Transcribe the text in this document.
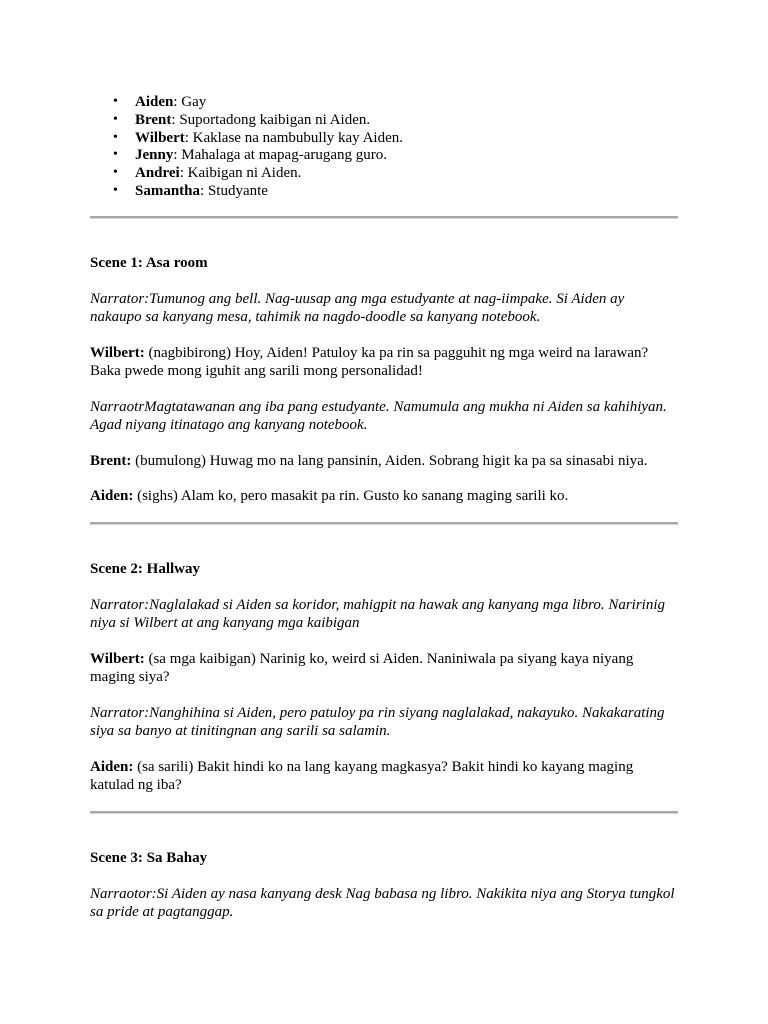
• Aiden: Gay
• Brent: Suportadong kaibigan ni Aiden.
• Wilbert: Kaklase na nambubully kay Aiden.
• Jenny: Mahalaga at mapag-arugang guro.
• Andrei: Kaibigan ni Aiden.
• Samantha: Studyante

Scene 1: Asa room

Narrator:Tumunog ang bell. Nag-uusap ang mga estudyante at nag-iimpake. Si Aiden ay nakaupo sa kanyang mesa, tahimik na nagdo-doodle sa kanyang notebook.

Wilbert: (nagbibirong) Hoy, Aiden! Patuloy ka pa rin sa pagguhit ng mga weird na larawan? Baka pwede mong iguhit ang sarili mong personalidad!

NarraotrMagtatawanan ang iba pang estudyante. Namumula ang mukha ni Aiden sa kahihiyan. Agad niyang itinatago ang kanyang notebook.

Brent: (bumulong) Huwag mo na lang pansinin, Aiden. Sobrang higit ka pa sa sinasabi niya.

Aiden: (sighs) Alam ko, pero masakit pa rin. Gusto ko sanang maging sarili ko.

Scene 2: Hallway

Narrator:Naglalakad si Aiden sa koridor, mahigpit na hawak ang kanyang mga libro. Naririnig niya si Wilbert at ang kanyang mga kaibigan

Wilbert: (sa mga kaibigan) Narinig ko, weird si Aiden. Naniniwala pa siyang kaya niyang maging siya?

Narrator:Nanghihina si Aiden, pero patuloy pa rin siyang naglalakad, nakayuko. Nakakarating siya sa banyo at tinitingnan ang sarili sa salamin.

Aiden: (sa sarili) Bakit hindi ko na lang kayang magkasya? Bakit hindi ko kayang maging katulad ng iba?

Scene 3: Sa Bahay

Narraotor:Si Aiden ay nasa kanyang desk Nag babasa ng libro. Nakikita niya ang Storya tungkol sa pride at pagtanggap.
